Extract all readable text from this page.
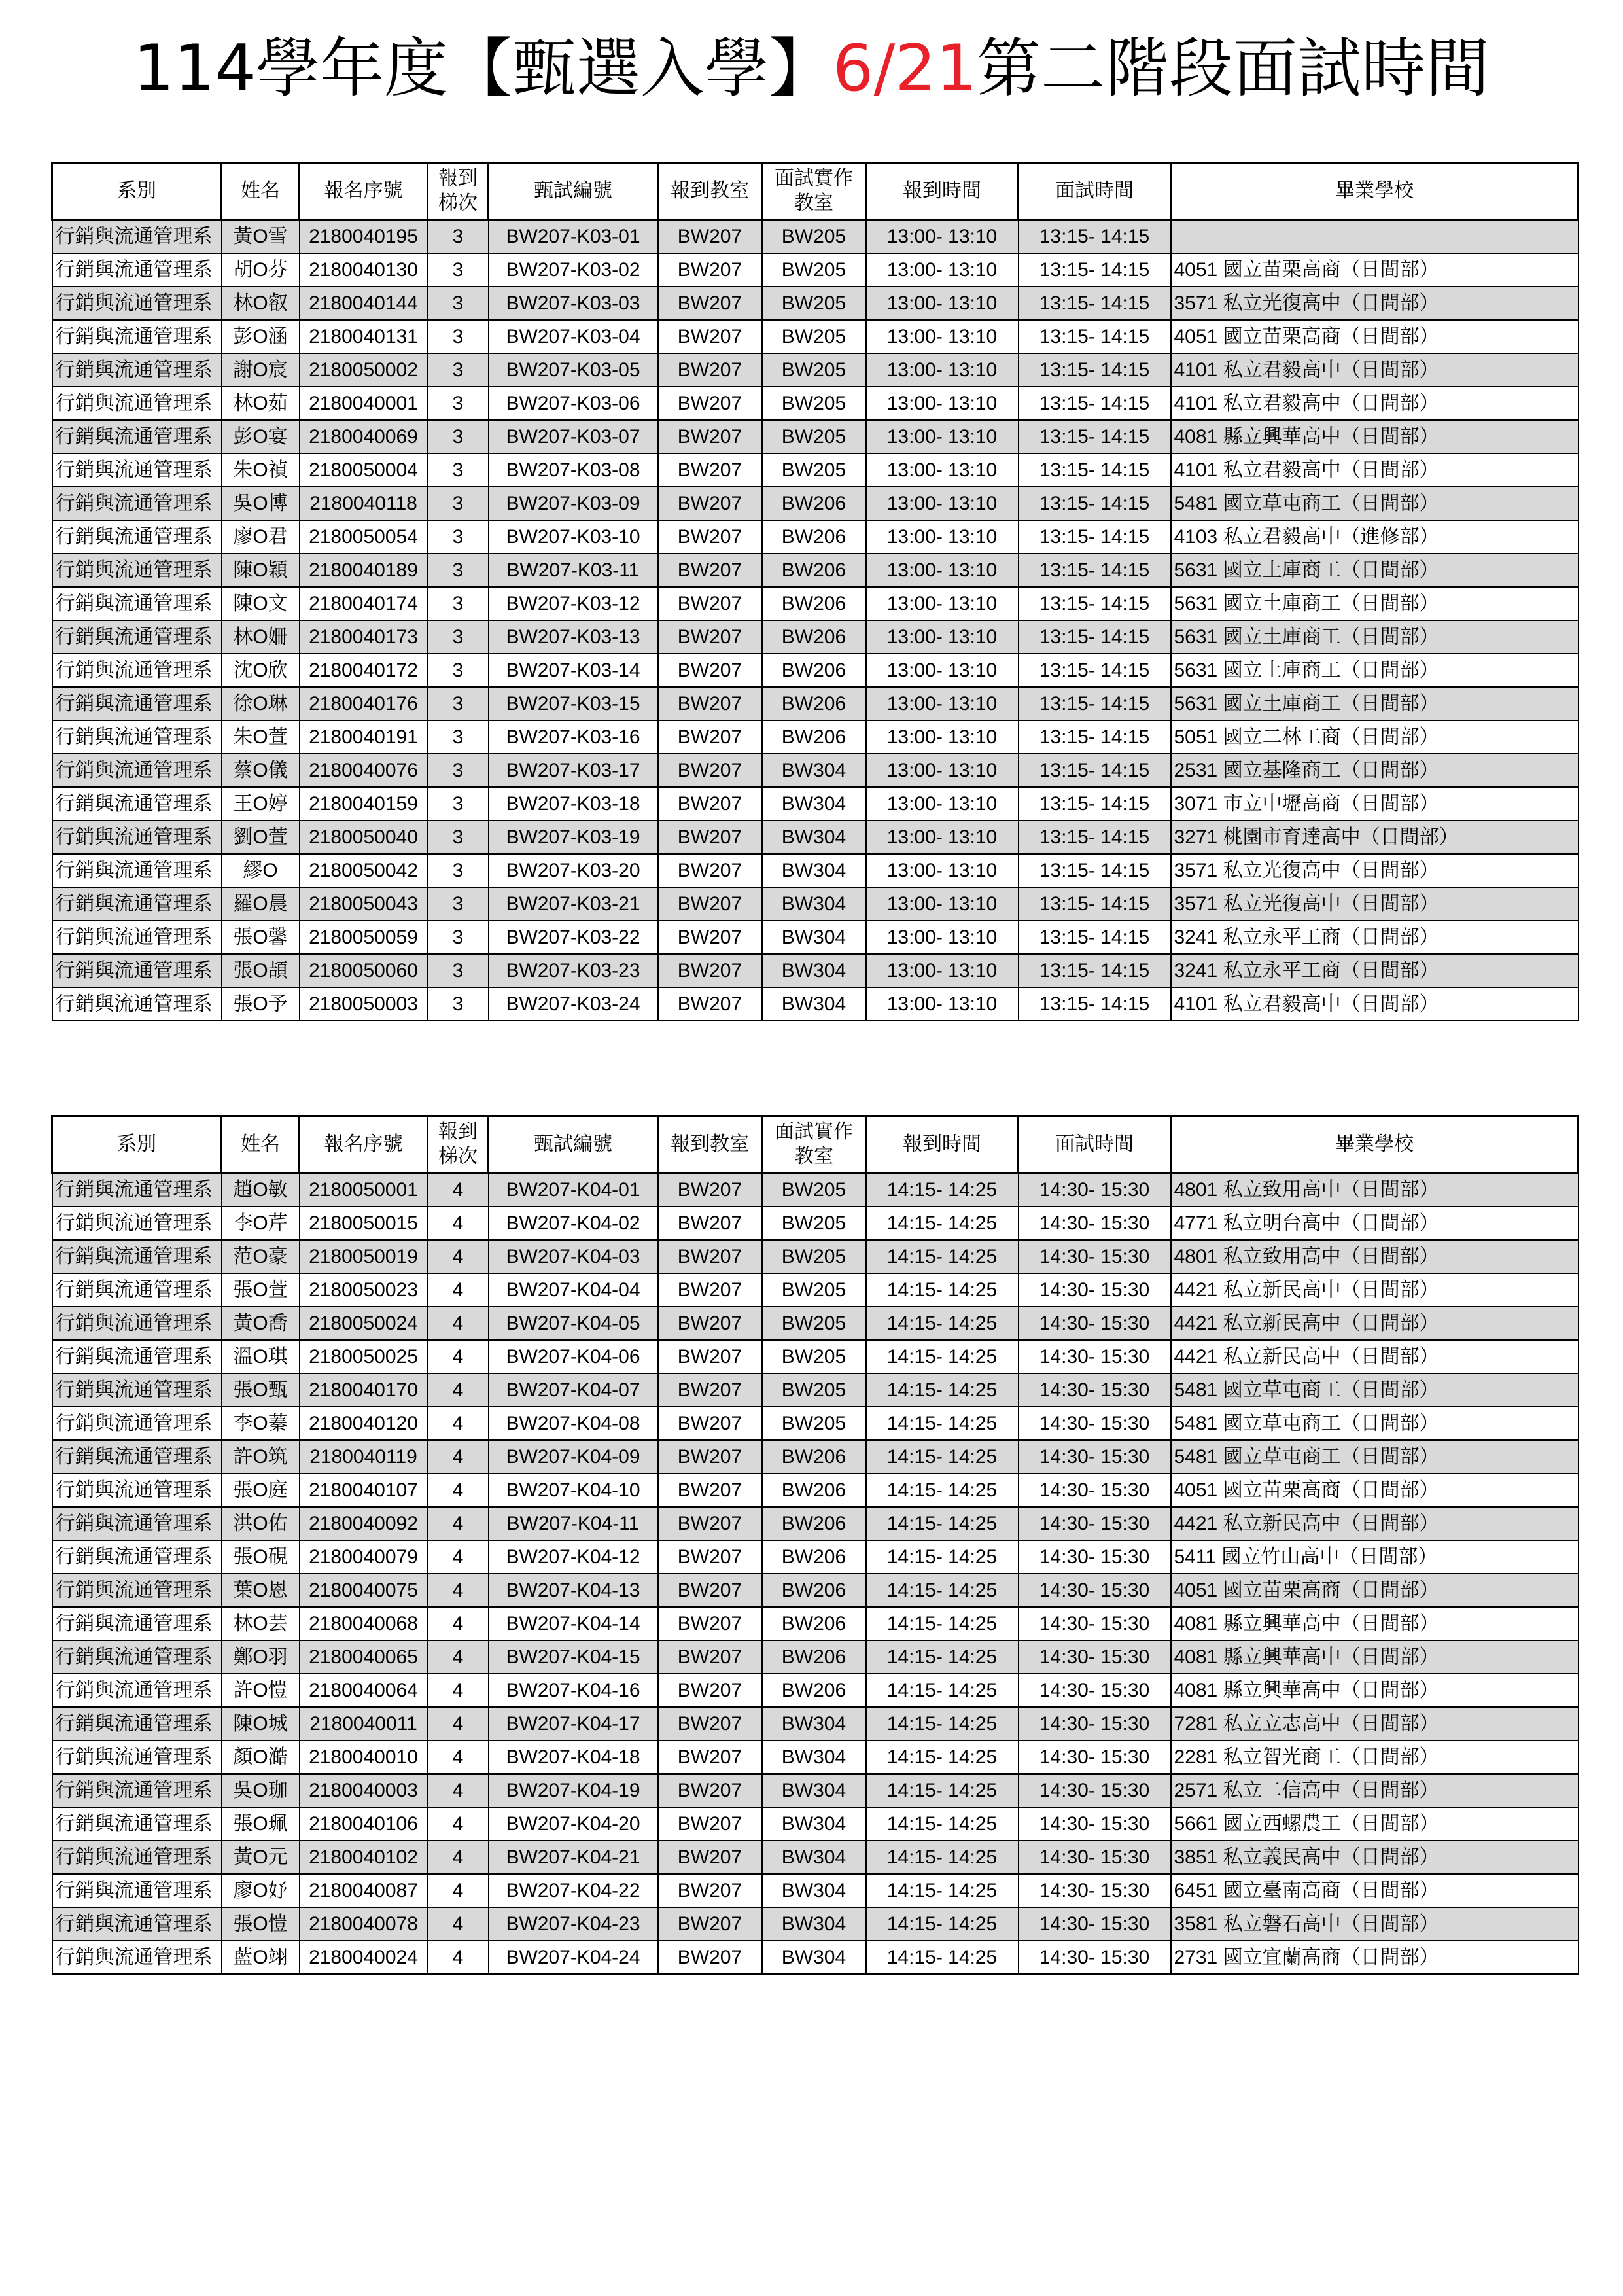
114學年度【甄選入學】6/21第二階段面試時間
系別	姓名	報名序號	報到
梯次	甄試編號	報到教室	面試實作
教室	報到時間	面試時間	畢業學校
行銷與流通管理系	黃O雪	2180040195	3	BW207-K03-01	BW207	BW205	13:00- 13:10	13:15- 14:15	
行銷與流通管理系	胡O芬	2180040130	3	BW207-K03-02	BW207	BW205	13:00- 13:10	13:15- 14:15	4051 國立苗栗高商（日間部）
行銷與流通管理系	林O叡	2180040144	3	BW207-K03-03	BW207	BW205	13:00- 13:10	13:15- 14:15	3571 私立光復高中（日間部）
行銷與流通管理系	彭O涵	2180040131	3	BW207-K03-04	BW207	BW205	13:00- 13:10	13:15- 14:15	4051 國立苗栗高商（日間部）
行銷與流通管理系	謝O宸	2180050002	3	BW207-K03-05	BW207	BW205	13:00- 13:10	13:15- 14:15	4101 私立君毅高中（日間部）
行銷與流通管理系	林O茹	2180040001	3	BW207-K03-06	BW207	BW205	13:00- 13:10	13:15- 14:15	4101 私立君毅高中（日間部）
行銷與流通管理系	彭O宴	2180040069	3	BW207-K03-07	BW207	BW205	13:00- 13:10	13:15- 14:15	4081 縣立興華高中（日間部）
行銷與流通管理系	朱O禎	2180050004	3	BW207-K03-08	BW207	BW205	13:00- 13:10	13:15- 14:15	4101 私立君毅高中（日間部）
行銷與流通管理系	吳O博	2180040118	3	BW207-K03-09	BW207	BW206	13:00- 13:10	13:15- 14:15	5481 國立草屯商工（日間部）
行銷與流通管理系	廖O君	2180050054	3	BW207-K03-10	BW207	BW206	13:00- 13:10	13:15- 14:15	4103 私立君毅高中（進修部）
行銷與流通管理系	陳O穎	2180040189	3	BW207-K03-11	BW207	BW206	13:00- 13:10	13:15- 14:15	5631 國立土庫商工（日間部）
行銷與流通管理系	陳O文	2180040174	3	BW207-K03-12	BW207	BW206	13:00- 13:10	13:15- 14:15	5631 國立土庫商工（日間部）
行銷與流通管理系	林O姍	2180040173	3	BW207-K03-13	BW207	BW206	13:00- 13:10	13:15- 14:15	5631 國立土庫商工（日間部）
行銷與流通管理系	沈O欣	2180040172	3	BW207-K03-14	BW207	BW206	13:00- 13:10	13:15- 14:15	5631 國立土庫商工（日間部）
行銷與流通管理系	徐O琳	2180040176	3	BW207-K03-15	BW207	BW206	13:00- 13:10	13:15- 14:15	5631 國立土庫商工（日間部）
行銷與流通管理系	朱O萱	2180040191	3	BW207-K03-16	BW207	BW206	13:00- 13:10	13:15- 14:15	5051 國立二林工商（日間部）
行銷與流通管理系	蔡O儀	2180040076	3	BW207-K03-17	BW207	BW304	13:00- 13:10	13:15- 14:15	2531 國立基隆商工（日間部）
行銷與流通管理系	王O婷	2180040159	3	BW207-K03-18	BW207	BW304	13:00- 13:10	13:15- 14:15	3071 市立中壢高商（日間部）
行銷與流通管理系	劉O萱	2180050040	3	BW207-K03-19	BW207	BW304	13:00- 13:10	13:15- 14:15	3271 桃園市育達高中（日間部）
行銷與流通管理系	繆O	2180050042	3	BW207-K03-20	BW207	BW304	13:00- 13:10	13:15- 14:15	3571 私立光復高中（日間部）
行銷與流通管理系	羅O晨	2180050043	3	BW207-K03-21	BW207	BW304	13:00- 13:10	13:15- 14:15	3571 私立光復高中（日間部）
行銷與流通管理系	張O馨	2180050059	3	BW207-K03-22	BW207	BW304	13:00- 13:10	13:15- 14:15	3241 私立永平工商（日間部）
行銷與流通管理系	張O頡	2180050060	3	BW207-K03-23	BW207	BW304	13:00- 13:10	13:15- 14:15	3241 私立永平工商（日間部）
行銷與流通管理系	張O予	2180050003	3	BW207-K03-24	BW207	BW304	13:00- 13:10	13:15- 14:15	4101 私立君毅高中（日間部）
系別	姓名	報名序號	報到
梯次	甄試編號	報到教室	面試實作
教室	報到時間	面試時間	畢業學校
行銷與流通管理系	趙O敏	2180050001	4	BW207-K04-01	BW207	BW205	14:15- 14:25	14:30- 15:30	4801 私立致用高中（日間部）
行銷與流通管理系	李O芹	2180050015	4	BW207-K04-02	BW207	BW205	14:15- 14:25	14:30- 15:30	4771 私立明台高中（日間部）
行銷與流通管理系	范O豪	2180050019	4	BW207-K04-03	BW207	BW205	14:15- 14:25	14:30- 15:30	4801 私立致用高中（日間部）
行銷與流通管理系	張O萱	2180050023	4	BW207-K04-04	BW207	BW205	14:15- 14:25	14:30- 15:30	4421 私立新民高中（日間部）
行銷與流通管理系	黃O喬	2180050024	4	BW207-K04-05	BW207	BW205	14:15- 14:25	14:30- 15:30	4421 私立新民高中（日間部）
行銷與流通管理系	溫O琪	2180050025	4	BW207-K04-06	BW207	BW205	14:15- 14:25	14:30- 15:30	4421 私立新民高中（日間部）
行銷與流通管理系	張O甄	2180040170	4	BW207-K04-07	BW207	BW205	14:15- 14:25	14:30- 15:30	5481 國立草屯商工（日間部）
行銷與流通管理系	李O蓁	2180040120	4	BW207-K04-08	BW207	BW205	14:15- 14:25	14:30- 15:30	5481 國立草屯商工（日間部）
行銷與流通管理系	許O筑	2180040119	4	BW207-K04-09	BW207	BW206	14:15- 14:25	14:30- 15:30	5481 國立草屯商工（日間部）
行銷與流通管理系	張O庭	2180040107	4	BW207-K04-10	BW207	BW206	14:15- 14:25	14:30- 15:30	4051 國立苗栗高商（日間部）
行銷與流通管理系	洪O佑	2180040092	4	BW207-K04-11	BW207	BW206	14:15- 14:25	14:30- 15:30	4421 私立新民高中（日間部）
行銷與流通管理系	張O硯	2180040079	4	BW207-K04-12	BW207	BW206	14:15- 14:25	14:30- 15:30	5411 國立竹山高中（日間部）
行銷與流通管理系	葉O恩	2180040075	4	BW207-K04-13	BW207	BW206	14:15- 14:25	14:30- 15:30	4051 國立苗栗高商（日間部）
行銷與流通管理系	林O芸	2180040068	4	BW207-K04-14	BW207	BW206	14:15- 14:25	14:30- 15:30	4081 縣立興華高中（日間部）
行銷與流通管理系	鄭O羽	2180040065	4	BW207-K04-15	BW207	BW206	14:15- 14:25	14:30- 15:30	4081 縣立興華高中（日間部）
行銷與流通管理系	許O愷	2180040064	4	BW207-K04-16	BW207	BW206	14:15- 14:25	14:30- 15:30	4081 縣立興華高中（日間部）
行銷與流通管理系	陳O城	2180040011	4	BW207-K04-17	BW207	BW304	14:15- 14:25	14:30- 15:30	7281 私立立志高中（日間部）
行銷與流通管理系	顏O澔	2180040010	4	BW207-K04-18	BW207	BW304	14:15- 14:25	14:30- 15:30	2281 私立智光商工（日間部）
行銷與流通管理系	吳O珈	2180040003	4	BW207-K04-19	BW207	BW304	14:15- 14:25	14:30- 15:30	2571 私立二信高中（日間部）
行銷與流通管理系	張O珮	2180040106	4	BW207-K04-20	BW207	BW304	14:15- 14:25	14:30- 15:30	5661 國立西螺農工（日間部）
行銷與流通管理系	黃O元	2180040102	4	BW207-K04-21	BW207	BW304	14:15- 14:25	14:30- 15:30	3851 私立義民高中（日間部）
行銷與流通管理系	廖O妤	2180040087	4	BW207-K04-22	BW207	BW304	14:15- 14:25	14:30- 15:30	6451 國立臺南高商（日間部）
行銷與流通管理系	張O愷	2180040078	4	BW207-K04-23	BW207	BW304	14:15- 14:25	14:30- 15:30	3581 私立磐石高中（日間部）
行銷與流通管理系	藍O翊	2180040024	4	BW207-K04-24	BW207	BW304	14:15- 14:25	14:30- 15:30	2731 國立宜蘭高商（日間部）
